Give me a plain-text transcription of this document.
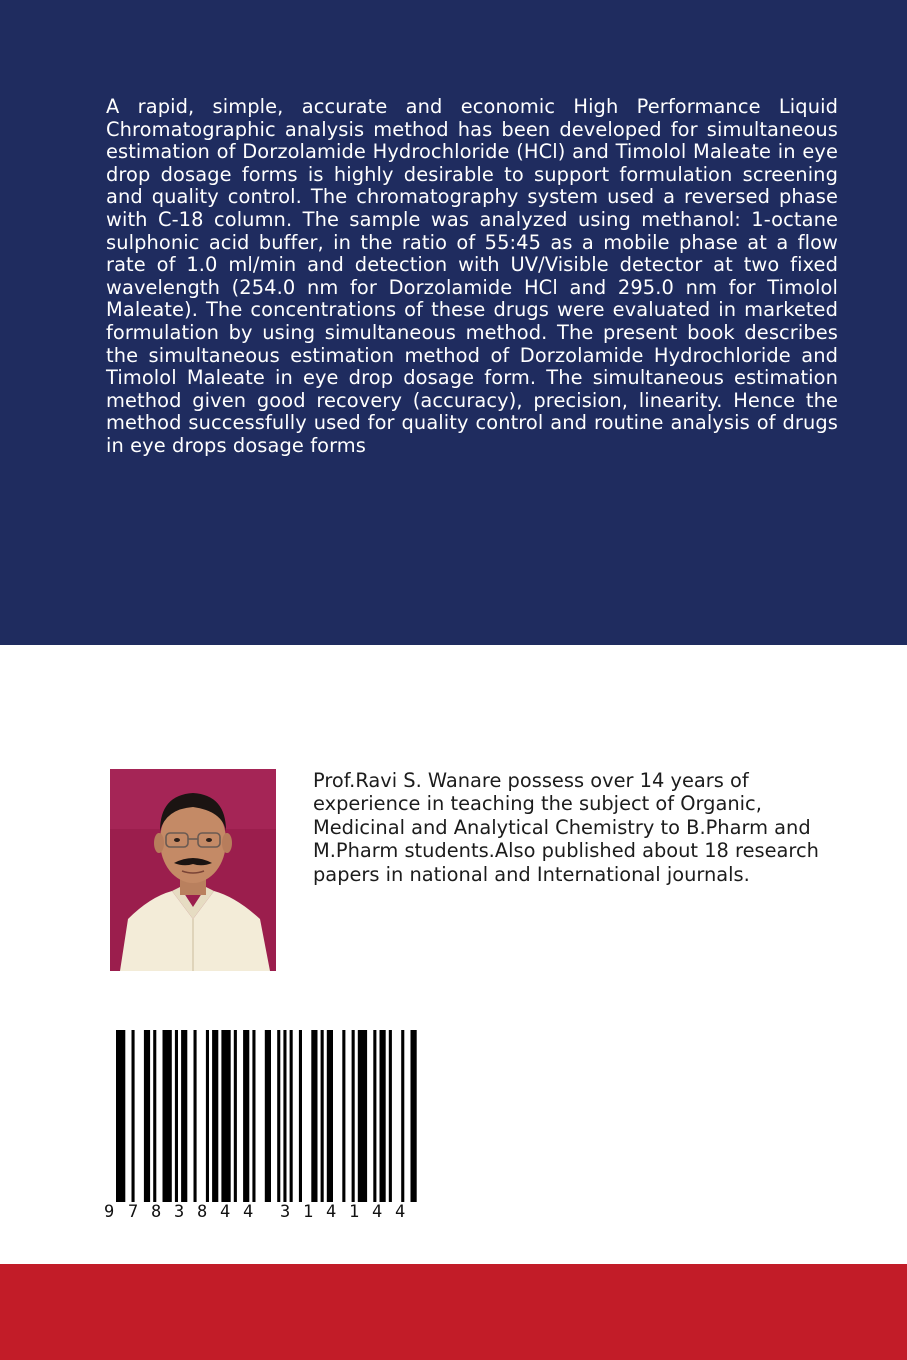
A rapid, simple, accurate and economic High Performance Liquid Chromatographic analysis method has been developed for simultaneous estimation of Dorzolamide Hydrochloride (HCl) and Timolol Maleate in eye drop dosage forms is highly desirable to support formulation screening and quality control. The chromatography system used a reversed phase with C-18 column. The sample was analyzed using methanol: 1-octane sulphonic acid buffer, in the ratio of 55:45 as a mobile phase at a flow rate of 1.0 ml/min and detection with UV/Visible detector at two fixed wavelength (254.0 nm for Dorzolamide HCl and 295.0 nm for Timolol Maleate). The concentrations of these drugs were evaluated in marketed formulation by using simultaneous method. The present book describes the simultaneous estimation method of Dorzolamide Hydrochloride and Timolol Maleate in eye drop dosage form. The simultaneous estimation method given good recovery (accuracy), precision, linearity. Hence the method successfully used for quality control and routine analysis of drugs in eye drops dosage forms

Prof.Ravi S. Wanare possess over 14 years of experience in teaching the subject of Organic, Medicinal and Analytical Chemistry to B.Pharm and M.Pharm students.Also published about 18 research papers in national and International journals.

9 7 8 3 8 4 4 3 1 4 1 4 4
